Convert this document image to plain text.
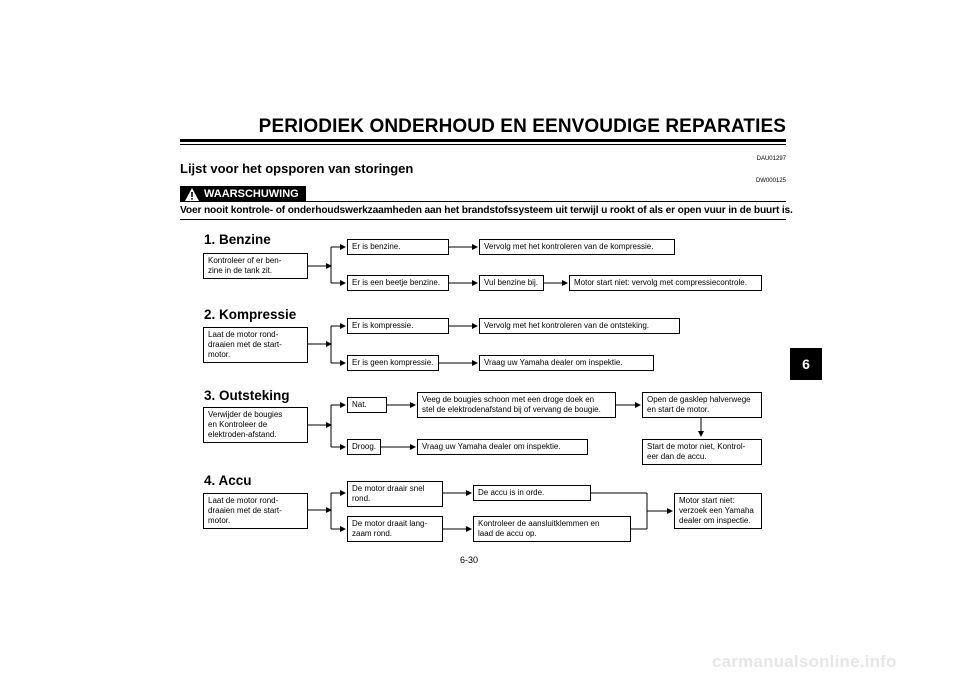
PERIODIEK ONDERHOUD EN EENVOUDIGE REPARATIES
DAU01297
Lijst voor het opsporen van storingen
DW000125
WAARSCHUWING
Voer nooit kontrole- of onderhoudswerkzaamheden aan het brandstofssysteem uit terwijl u rookt of als er open vuur in de buurt is.
1. Benzine
Kontroleer of er ben-
zine in de tank zit.
Er is benzine.	Vervolg met het kontroleren van de kompressie.
Er is een beetje benzine.	Vul benzine bij.	Motor start niet: vervolg met compressiecontrole.
2. Kompressie
Laat de motor rond-
draaien met de start-
motor.
Er is kompressie.	Vervolg met het kontroleren van de ontsteking.
Er is geen kompressie.	Vraag uw Yamaha dealer om inspektie.
3. Outsteking
Verwijder de bougies
en Kontroleer de
elektroden-afstand.
Nat.
Veeg de bougies schoon met een droge doek en
stel de elektrodenafstand bij of vervang de bougie.
Open de gasklep halverwege
en start de motor.
Start de motor niet, Kontrol-
eer dan de accu.
Droog.	Vraag uw Yamaha dealer om inspektie.
4. Accu
Laat de motor rond-
draaien met de start-
motor.
De motor draair snel
rond.
De accu is in orde.
De motor draait lang-
zaam rond.
Kontroleer de aansluitklemmen en
laad de accu op.
Motor start niet:
verzoek een Yamaha
dealer om inspectie.
6
6-30
carmanualsonline.info
